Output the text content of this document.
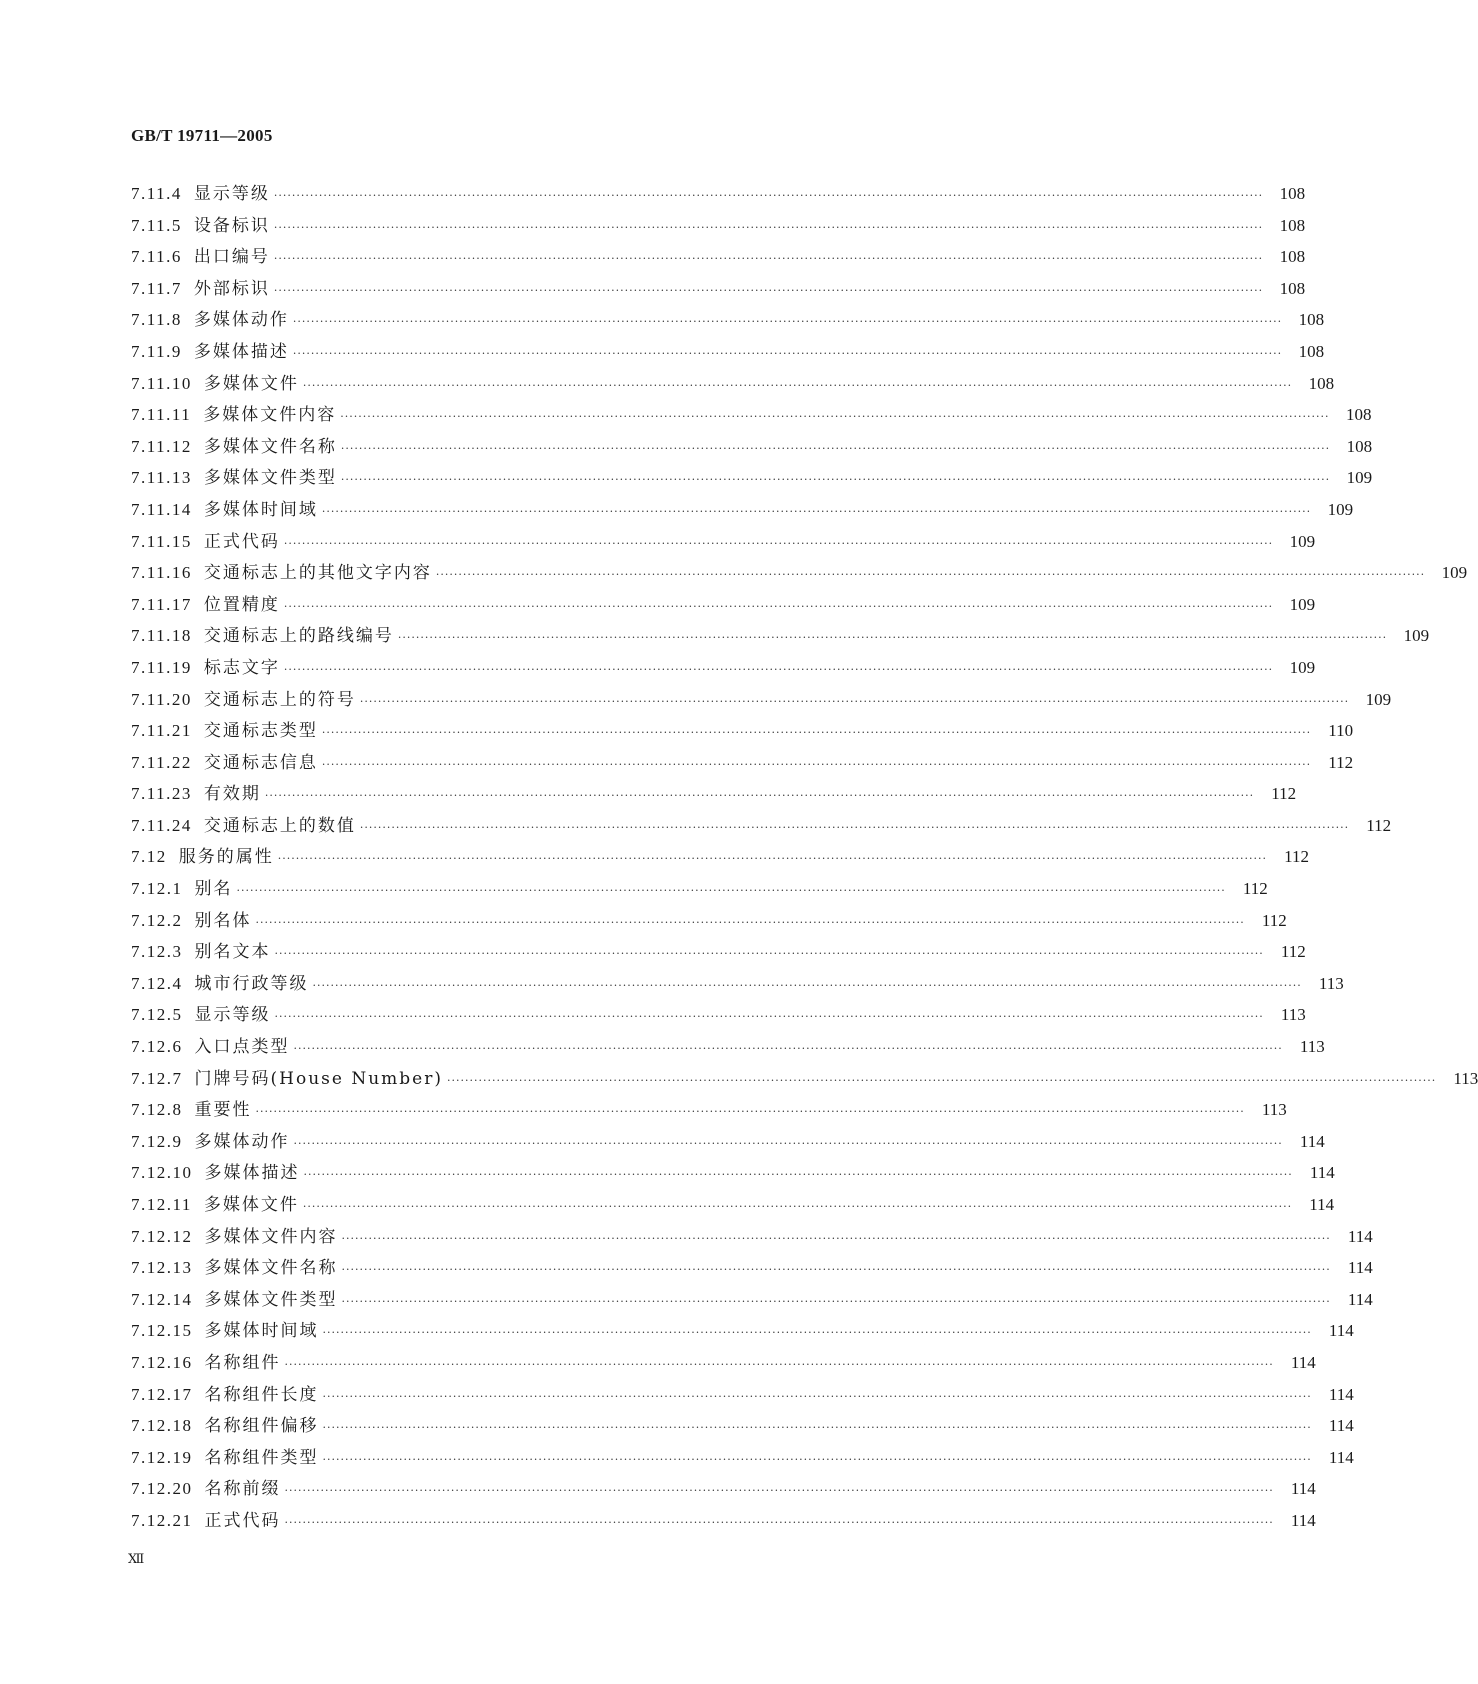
GB/T 19711—2005
7.11.4 显示等级 ···························································································································································································································· 108
7.11.5 设备标识 ···························································································································································································································· 108
7.11.6 出口编号 ···························································································································································································································· 108
7.11.7 外部标识 ···························································································································································································································· 108
7.11.8 多媒体动作 ···························································································································································································································· 108
7.11.9 多媒体描述 ···························································································································································································································· 108
7.11.10 多媒体文件 ···························································································································································································································· 108
7.11.11 多媒体文件内容 ···························································································································································································································· 108
7.11.12 多媒体文件名称 ···························································································································································································································· 108
7.11.13 多媒体文件类型 ···························································································································································································································· 109
7.11.14 多媒体时间域 ···························································································································································································································· 109
7.11.15 正式代码 ···························································································································································································································· 109
7.11.16 交通标志上的其他文字内容 ···························································································································································································································· 109
7.11.17 位置精度 ···························································································································································································································· 109
7.11.18 交通标志上的路线编号 ···························································································································································································································· 109
7.11.19 标志文字 ···························································································································································································································· 109
7.11.20 交通标志上的符号 ···························································································································································································································· 109
7.11.21 交通标志类型 ····························································································································································································································	110
7.11.22 交通标志信息 ····························································································································································································································	112
7.11.23 有效期 ····························································································································································································································	112
7.11.24 交通标志上的数值 ····························································································································································································································	112
7.12 服务的属性 ····························································································································································································································	112
7.12.1 别名 ····························································································································································································································	112
7.12.2 别名体 ····························································································································································································································	112
7.12.3 别名文本 ····························································································································································································································	112
7.12.4 城市行政等级 ····························································································································································································································	113
7.12.5 显示等级 ····························································································································································································································	113
7.12.6 入口点类型 ····························································································································································································································	113
7.12.7 门牌号码(House Number) ····························································································································································································································	113
7.12.8 重要性 ····························································································································································································································	113
7.12.9 多媒体动作 ····························································································································································································································	114
7.12.10 多媒体描述 ····························································································································································································································	114
7.12.11 多媒体文件 ····························································································································································································································	114
7.12.12 多媒体文件内容 ····························································································································································································································	114
7.12.13 多媒体文件名称 ····························································································································································································································	114
7.12.14 多媒体文件类型 ····························································································································································································································	114
7.12.15 多媒体时间域 ····························································································································································································································	114
7.12.16 名称组件 ····························································································································································································································	114
7.12.17 名称组件长度 ····························································································································································································································	114
7.12.18 名称组件偏移 ····························································································································································································································	114
7.12.19 名称组件类型 ····························································································································································································································	114
7.12.20 名称前缀 ····························································································································································································································	114
7.12.21 正式代码 ····························································································································································································································	114
Ⅻ
